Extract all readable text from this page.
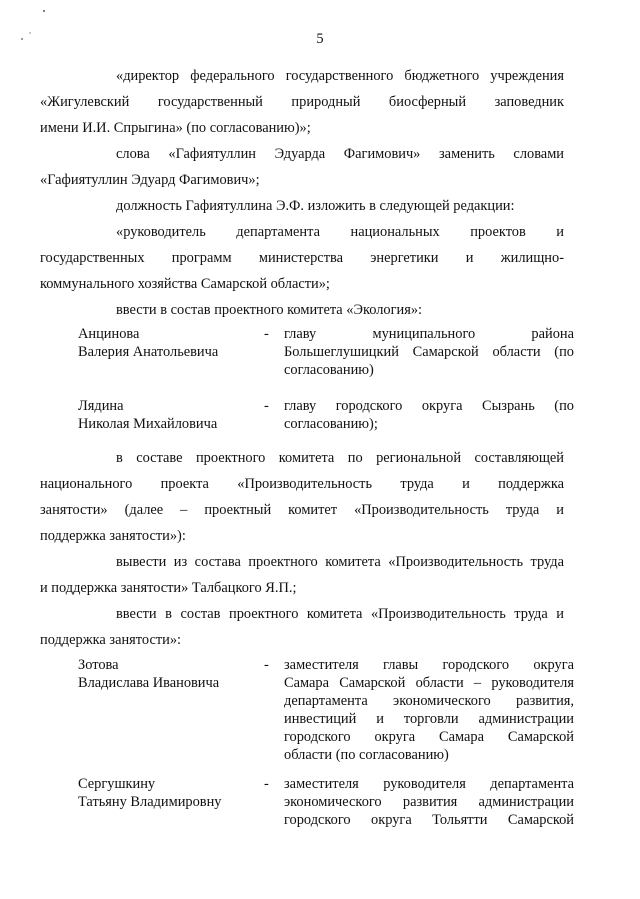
5

«директор федерального государственного бюджетного учреждения
«Жигулевский государственный природный биосферный заповедник
имени И.И. Спрыгина» (по согласованию)»;

слова «Гафиятуллин Эдуарда Фагимович» заменить словами
«Гафиятуллин Эдуард Фагимович»;

должность Гафиятуллина Э.Ф. изложить в следующей редакции:

«руководитель департамента национальных проектов и
государственных программ министерства энергетики и жилищно-
коммунального хозяйства Самарской области»;

ввести в состав проектного комитета «Экология»:

Анцинова
Валерия Анатольевича
- главу муниципального района
Большеглушицкий Самарской области (по
согласованию)
Лядина
Николая Михайловича
- главу городского округа Сызрань (по
согласованию);

в составе проектного комитета по региональной составляющей
национального проекта «Производительность труда и поддержка
занятости» (далее – проектный комитет «Производительность труда и
поддержка занятости»):

вывести из состава проектного комитета «Производительность труда
и поддержка занятости» Талбацкого Я.П.;

ввести в состав проектного комитета «Производительность труда и
поддержка занятости»:

Зотова
Владислава Ивановича
- заместителя главы городского округа
Самара Самарской области – руководителя
департамента экономического развития,
инвестиций и торговли администрации
городского округа Самара Самарской
области (по согласованию)
Сергушкину
Татьяну Владимировну
- заместителя руководителя департамента
экономического развития администрации
городского округа Тольятти Самарской
